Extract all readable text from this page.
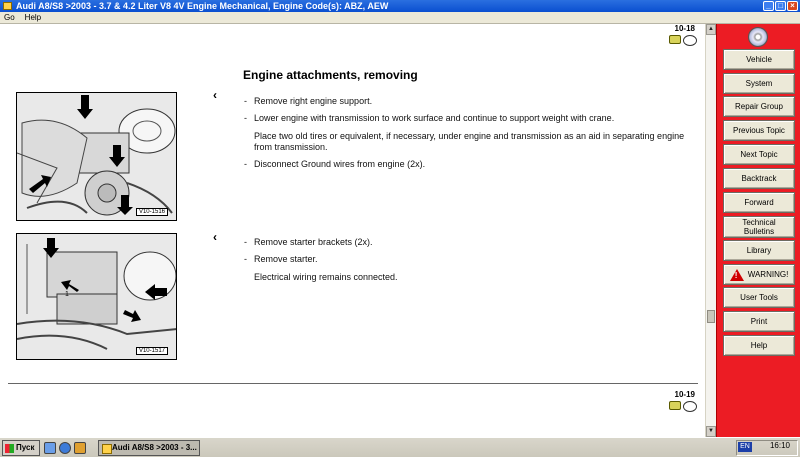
Audi A8/S8 >2003 - 3.7 & 4.2 Liter V8 4V Engine Mechanical, Engine Code(s): ABZ, AEW	_ □ ×
Go Help
10-18
Engine attachments, removing
V10-1516
‹	- Remove right engine support.
- Lower engine with transmission to work surface and continue to support weight with crane.
Place two old tires or equivalent, if necessary, under engine and transmission as an aid in separating engine from transmission.
- Disconnect Ground wires from engine (2x).
1
V10-1517
‹	- Remove starter brackets (2x).
- Remove starter.
Electrical wiring remains connected.
10-19
▲
▼
Vehicle
System
Repair Group
Previous Topic
Next Topic
Backtrack
Forward
Technical
Bulletins
Library
!
WARNING!
User Tools
Print
Help
Пуск	Audi A8/S8 >2003 - 3...	EN	16:10
